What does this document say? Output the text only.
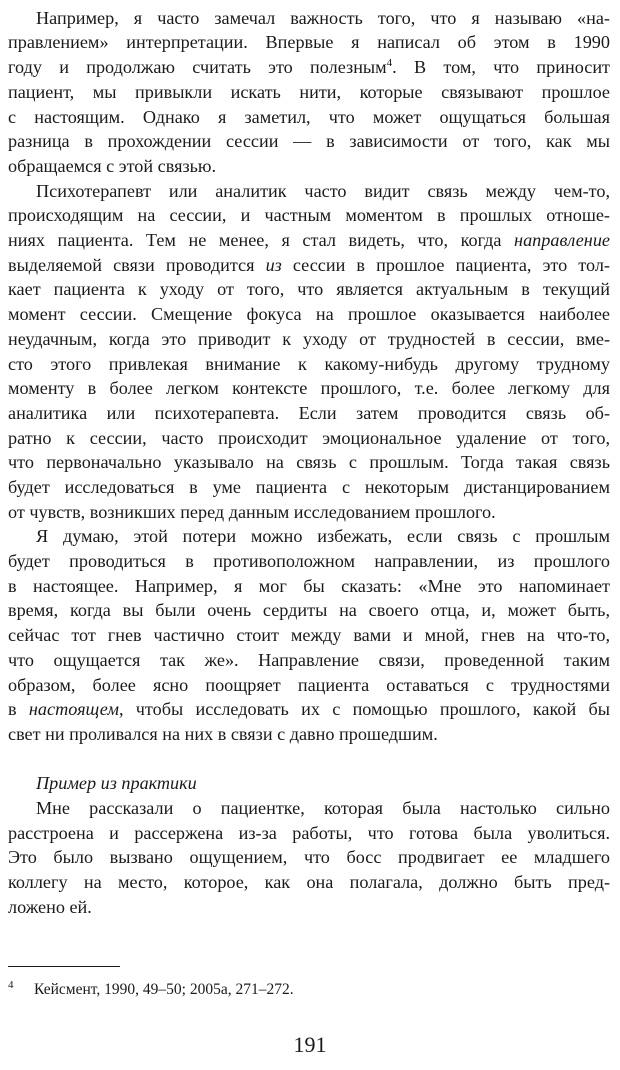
Например, я часто замечал важность того, что я называю «на-
правлением» интерпретации. Впервые я написал об этом в 1990
году и продолжаю считать это полезным$^4$. В том, что приносит
пациент, мы привыкли искать нити, которые связывают прошлое
с настоящим. Однако я заметил, что может ощущаться большая
разница в прохождении сессии — в зависимости от того, как мы
обращаемся с этой связью.
Психотерапевт или аналитик часто видит связь между чем-то,
происходящим на сессии, и частным моментом в прошлых отноше-
ниях пациента. Тем не менее, я стал видеть, что, когда направление
выделяемой связи проводится из сессии в прошлое пациента, это тол-
кает пациента к уходу от того, что является актуальным в текущий
момент сессии. Смещение фокуса на прошлое оказывается наиболее
неудачным, когда это приводит к уходу от трудностей в сессии, вме-
сто этого привлекая внимание к какому-нибудь другому трудному
моменту в более легком контексте прошлого, т.е. более легкому для
аналитика или психотерапевта. Если затем проводится связь об-
ратно к сессии, часто происходит эмоциональное удаление от того,
что первоначально указывало на связь с прошлым. Тогда такая связь
будет исследоваться в уме пациента с некоторым дистанцированием
от чувств, возникших перед данным исследованием прошлого.
Я думаю, этой потери можно избежать, если связь с прошлым
будет проводиться в противоположном направлении, из прошлого
в настоящее. Например, я мог бы сказать: «Мне это напоминает
время, когда вы были очень сердиты на своего отца, и, может быть,
сейчас тот гнев частично стоит между вами и мной, гнев на что-то,
что ощущается так же». Направление связи, проведенной таким
образом, более ясно поощряет пациента оставаться с трудностями
в настоящем, чтобы исследовать их с помощью прошлого, какой бы
свет ни проливался на них в связи с давно прошедшим.
Пример из практики
Мне рассказали о пациентке, которая была настолько сильно
расстроена и рассержена из-за работы, что готова была уволиться.
Это было вызвано ощущением, что босс продвигает ее младшего
коллегу на место, которое, как она полагала, должно быть пред-
ложено ей.
4 Кейсмент, 1990, 49–50; 2005a, 271–272.
191
